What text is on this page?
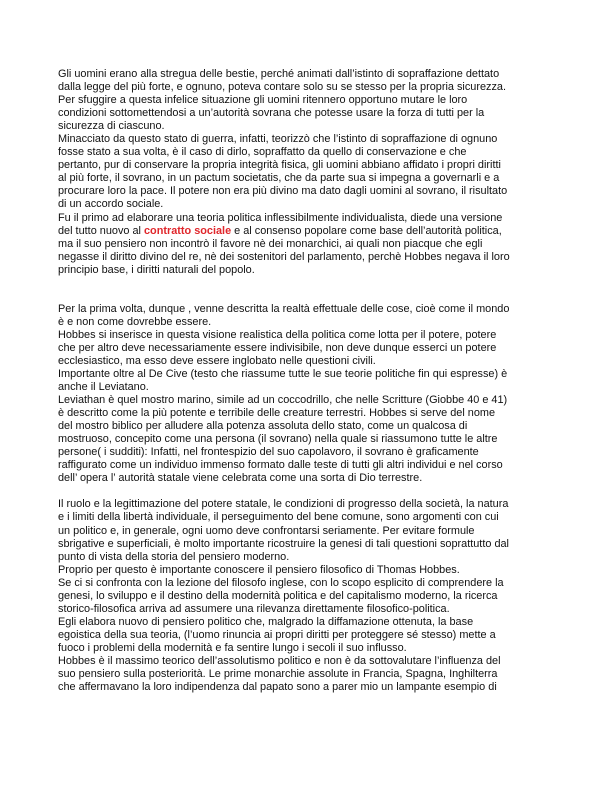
Gli uomini erano alla stregua delle bestie, perché animati dall’istinto di sopraffazione dettato
dalla legge del più forte, e ognuno, poteva contare solo su se stesso per la propria sicurezza.

Per sfuggire a questa infelice situazione gli uomini ritennero opportuno mutare le loro
condizioni sottomettendosi a un’autorità sovrana che potesse usare la forza di tutti per la
sicurezza di ciascuno.

Minacciato da questo stato di guerra, infatti, teorizzò che l’istinto di sopraffazione di ognuno
fosse stato a sua volta, è il caso di dirlo, sopraffatto da quello di conservazione e che
pertanto, pur di conservare la propria integrità fisica, gli uomini abbiano affidato i propri diritti
al più forte, il sovrano, in un pactum societatis, che da parte sua si impegna a governarli e a
procurare loro la pace. Il potere non era più divino ma dato dagli uomini al sovrano, il risultato
di un accordo sociale.

Fu il primo ad elaborare una teoria politica inflessibilmente individualista, diede una versione
del tutto nuovo al contratto sociale e al consenso popolare come base dell’autorità politica,
ma il suo pensiero non incontrò il favore nè dei monarchici, ai quali non piacque che egli
negasse il diritto divino del re, nè dei sostenitori del parlamento, perchè Hobbes negava il loro
principio base, i diritti naturali del popolo.

Per la prima volta, dunque , venne descritta la realtà effettuale delle cose, cioè come il mondo
è e non come dovrebbe essere.

Hobbes si inserisce in questa visione realistica della politica come lotta per il potere, potere
che per altro deve necessariamente essere indivisibile, non deve dunque esserci un potere
ecclesiastico, ma esso deve essere inglobato nelle questioni civili.

Importante oltre al De Cive (testo che riassume tutte le sue teorie politiche fin qui espresse) è
anche il Leviatano.

Leviathan è quel mostro marino, simile ad un coccodrillo, che nelle Scritture (Giobbe 40 e 41)
è descritto come la più potente e terribile delle creature terrestri. Hobbes si serve del nome
del mostro biblico per alludere alla potenza assoluta dello stato, come un qualcosa di
mostruoso, concepito come una persona (il sovrano) nella quale si riassumono tutte le altre
persone( i sudditi): Infatti, nel frontespizio del suo capolavoro, il sovrano è graficamente
raffigurato come un individuo immenso formato dalle teste di tutti gli altri individui e nel corso
dell’ opera l’ autorità statale viene celebrata come una sorta di Dio terrestre.

Il ruolo e la legittimazione del potere statale, le condizioni di progresso della società, la natura
e i limiti della libertà individuale, il perseguimento del bene comune, sono argomenti con cui
un politico e, in generale, ogni uomo deve confrontarsi seriamente. Per evitare formule
sbrigative e superficiali, è molto importante ricostruire la genesi di tali questioni soprattutto dal
punto di vista della storia del pensiero moderno.

Proprio per questo è importante conoscere il pensiero filosofico di Thomas Hobbes.

Se ci si confronta con la lezione del filosofo inglese, con lo scopo esplicito di comprendere la
genesi, lo sviluppo e il destino della modernità politica e del capitalismo moderno, la ricerca
storico-filosofica arriva ad assumere una rilevanza direttamente filosofico-politica.

Egli elabora nuovo di pensiero politico che, malgrado la diffamazione ottenuta, la base
egoistica della sua teoria, (l’uomo rinuncia ai propri diritti per proteggere sé stesso) mette a
fuoco i problemi della modernità e fa sentire lungo i secoli il suo influsso.

Hobbes è il massimo teorico dell’assolutismo politico e non è da sottovalutare l’influenza del
suo pensiero sulla posteriorità. Le prime monarchie assolute in Francia, Spagna, Inghilterra
che affermavano la loro indipendenza dal papato sono a parer mio un lampante esempio di
